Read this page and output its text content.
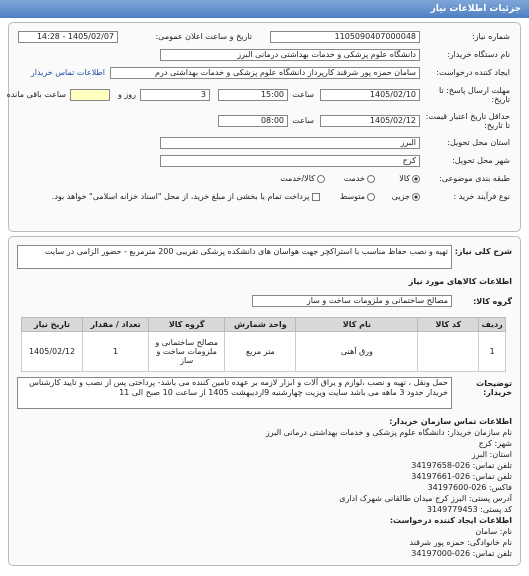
جزئیات اطلاعات نیاز
شماره نیاز:
1105090407000048
تاریخ و ساعت اعلان عمومی:
1405/02/07 - 14:28
نام دستگاه خریدار:
دانشگاه علوم پزشکی و خدمات بهداشتی درمانی البرز
ایجاد کننده درخواست:
سامان حمزه پور شرقند کارپرداز دانشگاه علوم پزشکی و خدمات بهداشتی درم
اطلاعات تماس خریدار
مهلت ارسال پاسخ: تا تاریخ:
1405/02/10
ساعت
15:00
3
روز و
ساعت باقی مانده
حداقل تاریخ اعتبار قیمت: تا تاریخ:
1405/02/12
ساعت
08:00
استان محل تحویل:
البرز
شهر محل تحویل:
کرج
طبقه بندی موضوعی:
کالا
خدمت
کالا/خدمت
نوع فرآیند خرید :
جزیی
متوسط
پرداخت تمام یا بخشی از مبلغ خرید، از محل "اسناد خزانه اسلامی" خواهد بود.
شرح کلی نیاز:
تهیه و نصب حفاظ مناسب با استراکچر جهت هواسان های دانشکده پزشکی تقریبی 200 مترمربع - حضور الزامی در سایت
اطلاعات کالاهای مورد نیاز
گروه کالا:
مصالح ساختمانی و ملزومات ساخت و ساز
ردیف	کد کالا	نام کالا	واحد شمارش	گروه کالا	تعداد / مقدار	تاریخ نیاز
1		ورق آهنی	متر مربع	مصالح ساختمانی و ملزومات ساخت و ساز	1	1405/02/12
توضیحات خریدار:
حمل ونقل ، تهیه و نصب ،لوازم و یراق آلات و ابزار لازمه بر عهده تامین کننده می باشد- پرداختی پس از نصب و تایید کارشناس خریدار حدود 3 ماهه می باشد سایت ویزیت چهارشنبه 9اردیبهشت 1405 از ساعت 10 صبح الی 11
اطلاعات تماس سازمان خریدار:
نام سازمان خریدار: دانشگاه علوم پزشکی و خدمات بهداشتی درمانی البرز
شهر: کرج
استان: البرز
تلفن تماس: 026-34197658
تلفن تماس: 026-34197661
فاکس: 026-34197600
آدرس پستی: البرز کرج میدان طالقانی شهرک اداری
کد پستی: 3149779453
اطلاعات ایجاد کننده درخواست:
نام: سامان
نام خانوادگی: حمزه پور شرقند
تلفن تماس: 026-34197000
